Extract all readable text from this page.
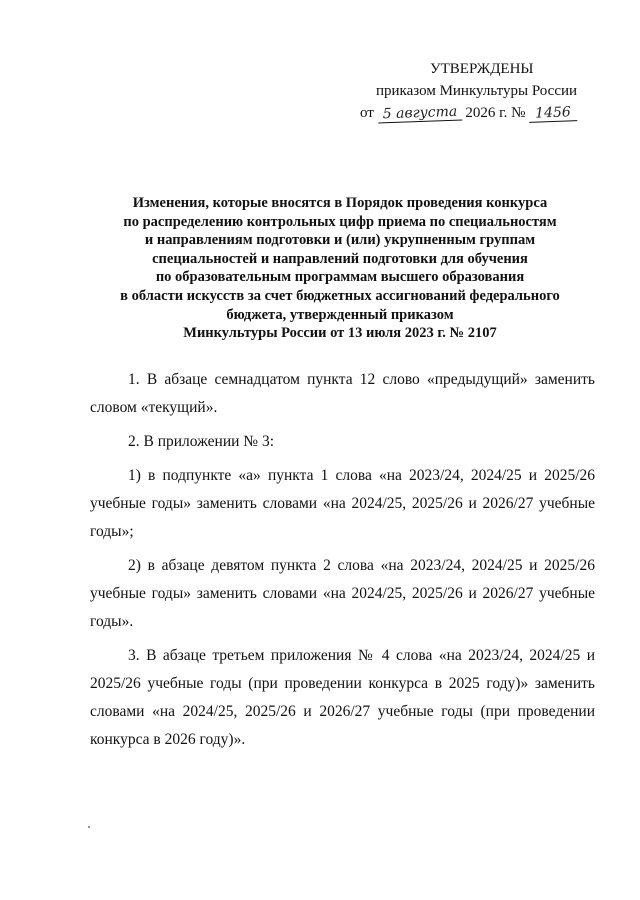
УТВЕРЖДЕНЫ
приказом Минкультуры России
от 5 августа 2026 г. № 1456
Изменения, которые вносятся в Порядок проведения конкурса
по распределению контрольных цифр приема по специальностям
и направлениям подготовки и (или) укрупненным группам
специальностей и направлений подготовки для обучения
по образовательным программам высшего образования
в области искусств за счет бюджетных ассигнований федерального
бюджета, утвержденный приказом
Минкультуры России от 13 июля 2023 г. № 2107

1. В абзаце семнадцатом пункта 12 слово «предыдущий» заменить словом «текущий».

2. В приложении № 3:

1) в подпункте «а» пункта 1 слова «на 2023/24, 2024/25 и 2025/26 учебные годы» заменить словами «на 2024/25, 2025/26 и 2026/27 учебные годы»;

2) в абзаце девятом пункта 2 слова «на 2023/24, 2024/25 и 2025/26 учебные годы» заменить словами «на 2024/25, 2025/26 и 2026/27 учебные годы».

3. В абзаце третьем приложения № 4 слова «на 2023/24, 2024/25 и 2025/26 учебные годы (при проведении конкурса в 2025 году)» заменить словами «на 2024/25, 2025/26 и 2026/27 учебные годы (при проведении конкурса в 2026 году)».
